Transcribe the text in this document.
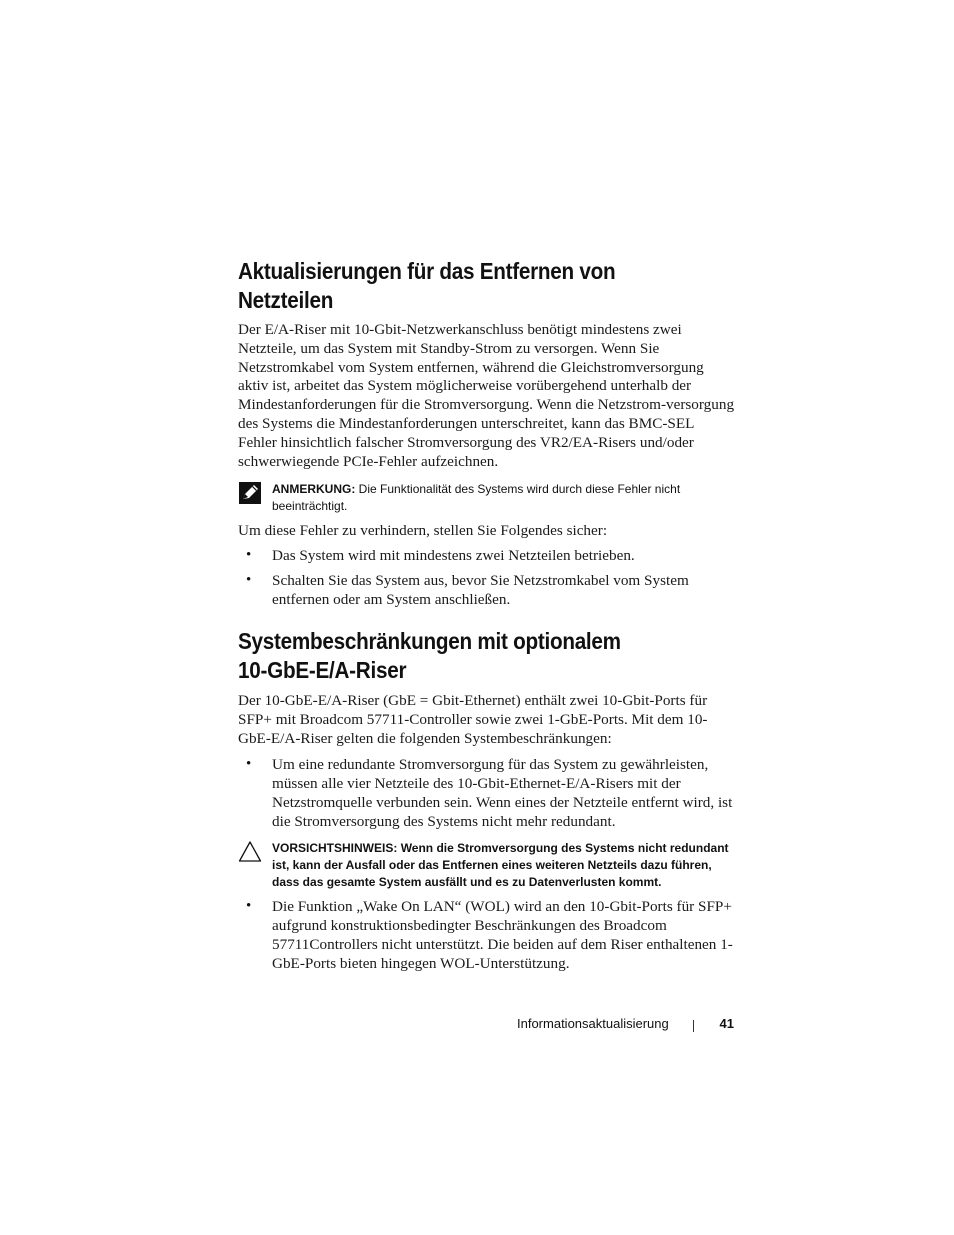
Aktualisierungen für das Entfernen von
Netzteilen

Der E/A-Riser mit 10-Gbit-Netzwerkanschluss benötigt mindestens zwei Netzteile, um das System mit Standby-Strom zu versorgen. Wenn Sie Netzstromkabel vom System entfernen, während die Gleichstromversorgung aktiv ist, arbeitet das System möglicherweise vorübergehend unterhalb der Mindestanforderungen für die Stromversorgung. Wenn die Netzstrom-versorgung des Systems die Mindestanforderungen unterschreitet, kann das BMC-SEL Fehler hinsichtlich falscher Stromversorgung des VR2/EA-Risers und/oder schwerwiegende PCIe-Fehler aufzeichnen.

ANMERKUNG: Die Funktionalität des Systems wird durch diese Fehler nicht beeinträchtigt.

Um diese Fehler zu verhindern, stellen Sie Folgendes sicher:

• Das System wird mit mindestens zwei Netzteilen betrieben.
• Schalten Sie das System aus, bevor Sie Netzstromkabel vom System entfernen oder am System anschließen.
Systembeschränkungen mit optionalem
10-GbE-E/A-Riser

Der 10-GbE-E/A-Riser (GbE = Gbit-Ethernet) enthält zwei 10-Gbit-Ports für SFP+ mit Broadcom 57711-Controller sowie zwei 1-GbE-Ports. Mit dem 10-GbE-E/A-Riser gelten die folgenden Systembeschränkungen:

• Um eine redundante Stromversorgung für das System zu gewährleisten, müssen alle vier Netzteile des 10-Gbit-Ethernet-E/A-Risers mit der Netzstromquelle verbunden sein. Wenn eines der Netzteile entfernt wird, ist die Stromversorgung des Systems nicht mehr redundant.
VORSICHTSHINWEIS: Wenn die Stromversorgung des Systems nicht redundant ist, kann der Ausfall oder das Entfernen eines weiteren Netzteils dazu führen, dass das gesamte System ausfällt und es zu Datenverlusten kommt.
• Die Funktion „Wake On LAN“ (WOL) wird an den 10-Gbit-Ports für SFP+ aufgrund konstruktionsbedingter Beschränkungen des Broadcom 57711Controllers nicht unterstützt. Die beiden auf dem Riser enthaltenen 1-GbE-Ports bieten hingegen WOL-Unterstützung.
Informationsaktualisierung	41
